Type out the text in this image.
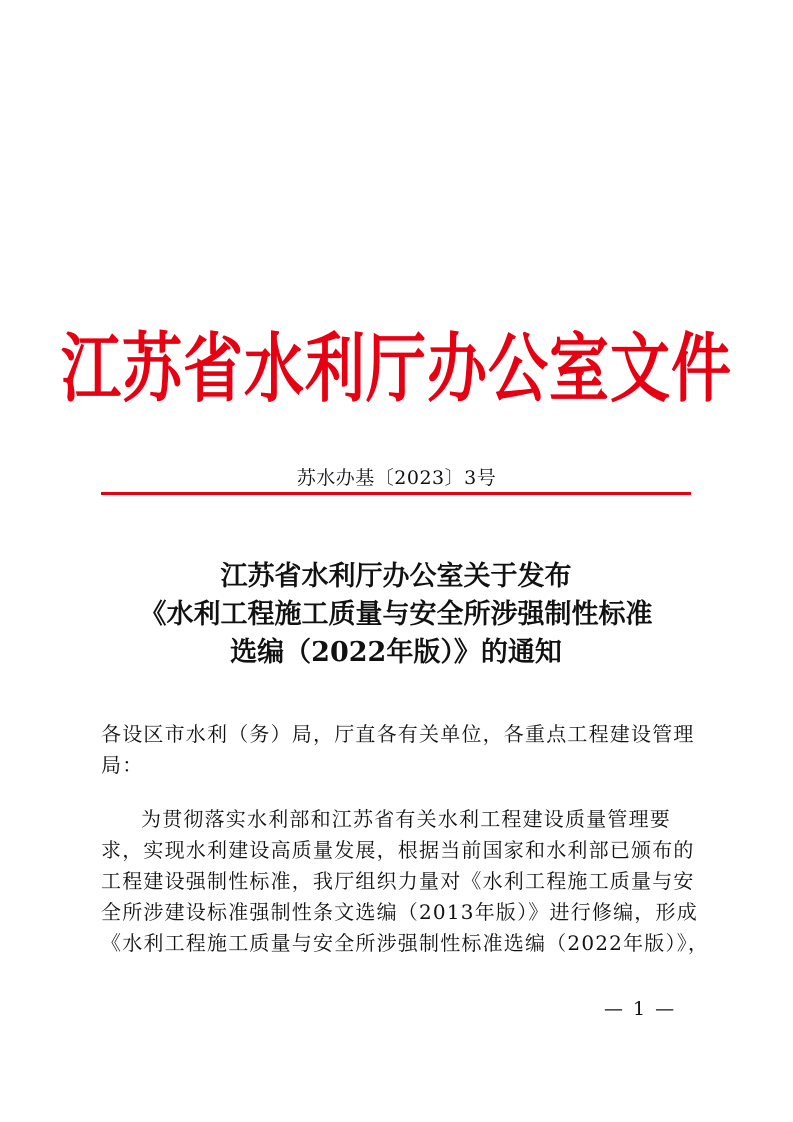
江苏省水利厅办公室文件
苏水办基〔2023〕3号
江苏省水利厅办公室关于发布
《水利工程施工质量与安全所涉强制性标准
选编（2022年版）》的通知
各设区市水利（务）局，厅直各有关单位，各重点工程建设管理
局：
为贯彻落实水利部和江苏省有关水利工程建设质量管理要
求，实现水利建设高质量发展，根据当前国家和水利部已颁布的
工程建设强制性标准，我厅组织力量对《水利工程施工质量与安
全所涉建设标准强制性条文选编（2013年版）》进行修编，形成
《水利工程施工质量与安全所涉强制性标准选编（2022年版）》，
— 1 —
